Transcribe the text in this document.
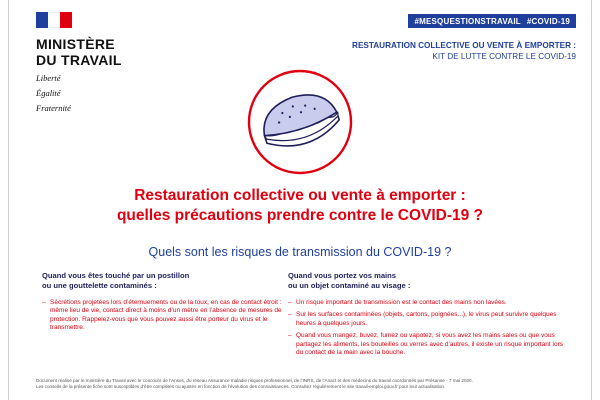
MINISTÈRE
DU TRAVAIL
Liberté
Égalité
Fraternité
#MESQUESTIONSTRAVAIL #COVID-19
RESTAURATION COLLECTIVE OU VENTE À EMPORTER :
KIT DE LUTTE CONTRE LE COVID-19
Restauration collective ou vente à emporter :
quelles précautions prendre contre le COVID-19 ?
Quels sont les risques de transmission du COVID-19 ?
Quand vous êtes touché par un postillon
ou une gouttelette contaminés :
– Sécrétions projetées lors d’éternuements ou de la toux, en cas de contact étroit : même lieu de vie, contact direct à moins d’un mètre en l’absence de mesures de protection. Rappelez-vous que vous pouvez aussi être porteur du virus et le transmettre.
Quand vous portez vos mains
ou un objet contaminé au visage :
– Un risque important de transmission est le contact des mains non lavées.
– Sur les surfaces contaminées (objets, cartons, poignées...), le virus peut survivre quelques heures à quelques jours.
– Quand vous mangez, buvez, fumez ou vapotez, si vous avez les mains sales ou que vous partagez les aliments, les bouteilles ou verres avec d’autres, il existe un risque important lors du contact de la main avec la bouche.
Document réalisé par le ministère du Travail avec le concours de l’Anses, du réseau Assurance maladie risques professionnel, de l’INRS, de l’Anact et des médecins du travail coordonnés par Présanse - 7 mai 2020.
Les conseils de la présente fiche sont susceptibles d’être complétés ou ajustés en fonction de l’évolution des connaissances. Consultez régulièrement le site travail-emploi.gouv.fr pour leur actualisation.
